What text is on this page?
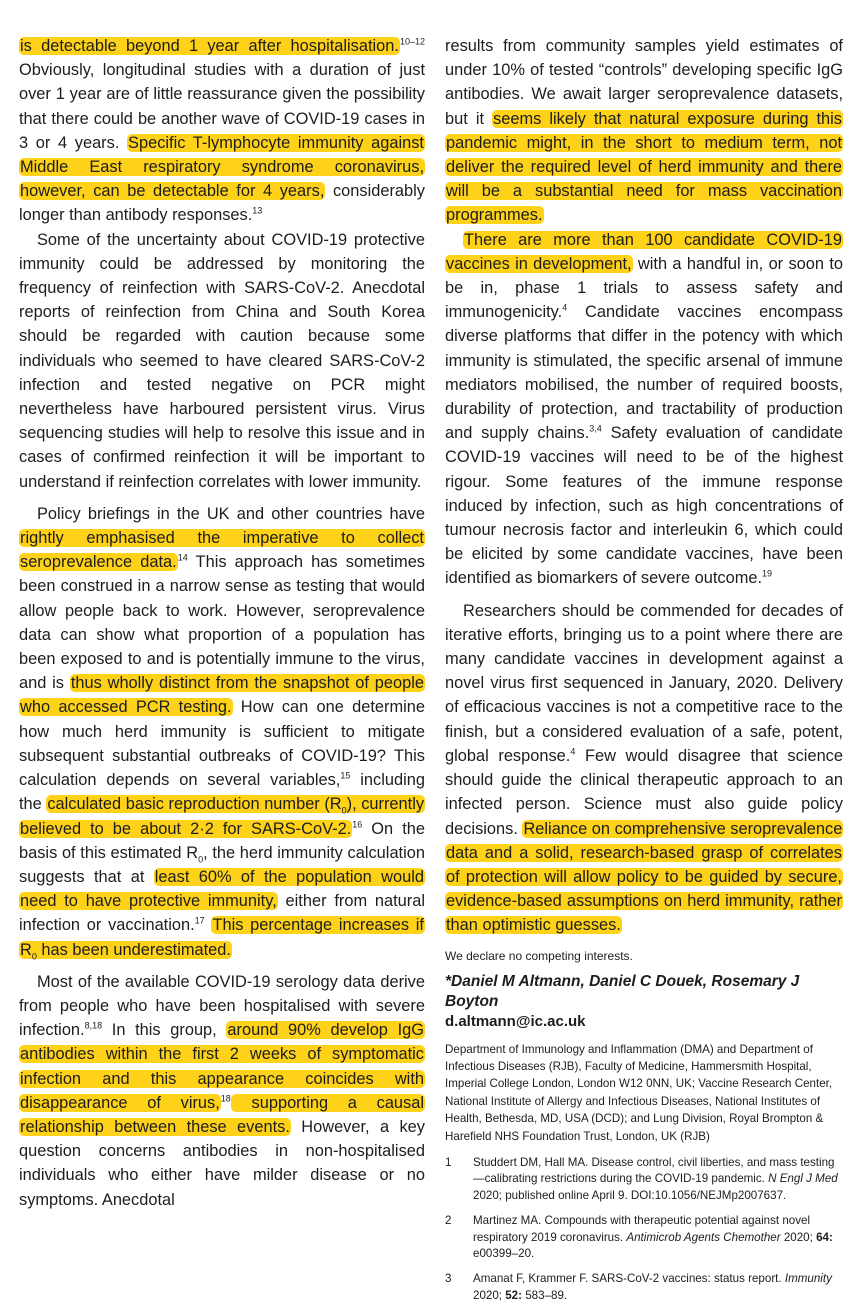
is detectable beyond 1 year after hospitalisation.$^{10-12}$ Obviously, longitudinal studies with a duration of just over 1 year are of little reassurance given the possibility that there could be another wave of COVID-19 cases in 3 or 4 years. Specific T-lymphocyte immunity against Middle East respiratory syndrome coronavirus, however, can be detectable for 4 years, considerably longer than antibody responses.$^{13}$

Some of the uncertainty about COVID-19 protective immunity could be addressed by monitoring the frequency of reinfection with SARS-CoV-2. Anecdotal reports of reinfection from China and South Korea should be regarded with caution because some individuals who seemed to have cleared SARS-CoV-2 infection and tested negative on PCR might nevertheless have harboured persistent virus. Virus sequencing studies will help to resolve this issue and in cases of confirmed reinfection it will be important to understand if reinfection correlates with lower immunity.

Policy briefings in the UK and other countries have rightly emphasised the imperative to collect seroprevalence data.$^{14}$ This approach has sometimes been construed in a narrow sense as testing that would allow people back to work. However, seroprevalence data can show what proportion of a population has been exposed to and is potentially immune to the virus, and is thus wholly distinct from the snapshot of people who accessed PCR testing. How can one determine how much herd immunity is sufficient to mitigate subsequent substantial outbreaks of COVID-19? This calculation depends on several variables,$^{15}$ including the calculated basic reproduction number $(R_0)$, currently believed to be about 2·2 for SARS-CoV-2.16 On the basis of this estimated $R_0$, the herd immunity calculation suggests that at least 60% of the population would need to have protective immunity, either from natural infection or vaccination.$^{17}$ This percentage increases if $R_0$ has been underestimated.

Most of the available COVID-19 serology data derive from people who have been hospitalised with severe infection.$^{8,18}$ In this group, around 90% develop IgG antibodies within the first 2 weeks of symptomatic infection and this appearance coincides with disappearance of virus,$^{18}$ supporting a causal relationship between these events. However, a key question concerns antibodies in non-hospitalised individuals who either have milder disease or no symptoms. Anecdotal

results from community samples yield estimates of under 10% of tested “controls” developing specific IgG antibodies. We await larger seroprevalence datasets, but it seems likely that natural exposure during this pandemic might, in the short to medium term, not deliver the required level of herd immunity and there will be a substantial need for mass vaccination programmes.

There are more than 100 candidate COVID-19 vaccines in development, with a handful in, or soon to be in, phase 1 trials to assess safety and immunogenicity.$^4$ Candidate vaccines encompass diverse platforms that differ in the potency with which immunity is stimulated, the specific arsenal of immune mediators mobilised, the number of required boosts, durability of protection, and tractability of production and supply chains.$^{3,4}$ Safety evaluation of candidate COVID-19 vaccines will need to be of the highest rigour. Some features of the immune response induced by infection, such as high concentrations of tumour necrosis factor and interleukin 6, which could be elicited by some candidate vaccines, have been identified as biomarkers of severe outcome.$^{19}$

Researchers should be commended for decades of iterative efforts, bringing us to a point where there are many candidate vaccines in development against a novel virus first sequenced in January, 2020. Delivery of efficacious vaccines is not a competitive race to the finish, but a considered evaluation of a safe, potent, global response.$^4$ Few would disagree that science should guide the clinical therapeutic approach to an infected person. Science must also guide policy decisions. Reliance on comprehensive seroprevalence data and a solid, research-based grasp of correlates of protection will allow policy to be guided by secure, evidence-based assumptions on herd immunity, rather than optimistic guesses.

We declare no competing interests.

*Daniel M Altmann, Daniel C Douek, Rosemary J Boyton

d.altmann@ic.ac.uk

Department of Immunology and Inflammation (DMA) and Department of Infectious Diseases (RJB), Faculty of Medicine, Hammersmith Hospital, Imperial College London, London W12 0NN, UK; Vaccine Research Center, National Institute of Allergy and Infectious Diseases, National Institutes of Health, Bethesda, MD, USA (DCD); and Lung Division, Royal Brompton & Harefield NHS Foundation Trust, London, UK (RJB)

1 Studdert DM, Hall MA. Disease control, civil liberties, and mass testing—calibrating restrictions during the COVID-19 pandemic. N Engl J Med 2020; published online April 9. DOI:10.1056/NEJMp2007637.
2 Martinez MA. Compounds with therapeutic potential against novel respiratory 2019 coronavirus. Antimicrob Agents Chemother 2020; 64: e00399–20.
3 Amanat F, Krammer F. SARS-CoV-2 vaccines: status report. Immunity 2020; 52: 583–89.
